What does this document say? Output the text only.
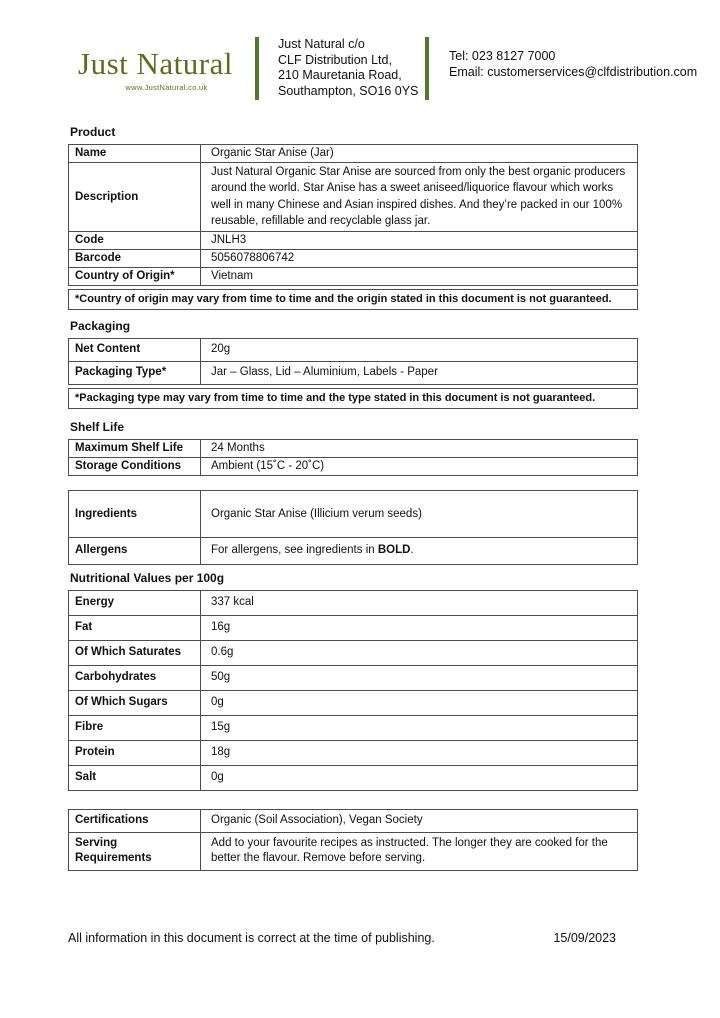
Just Natural
www.JustNatural.co.uk
Just Natural c/o
CLF Distribution Ltd,
210 Mauretania Road,
Southampton, SO16 0YS
Tel: 023 8127 7000
Email: customerservices@clfdistribution.com
Product
Name	Organic Star Anise (Jar)
Description	Just Natural Organic Star Anise are sourced from only the best organic producers around the world. Star Anise has a sweet aniseed/liquorice flavour which works well in many Chinese and Asian inspired dishes. And they’re packed in our 100% reusable, refillable and recyclable glass jar.
Code	JNLH3
Barcode	5056078806742
Country of Origin*	Vietnam
*Country of origin may vary from time to time and the origin stated in this document is not guaranteed.
Packaging
Net Content	20g
Packaging Type*	Jar – Glass, Lid – Aluminium, Labels - Paper
*Packaging type may vary from time to time and the type stated in this document is not guaranteed.
Shelf Life
Maximum Shelf Life	24 Months
Storage Conditions	Ambient (15˚C - 20˚C)
Ingredients	Organic Star Anise (Illicium verum seeds)
Allergens	For allergens, see ingredients in BOLD.
Nutritional Values per 100g
Energy	337 kcal
Fat	16g
Of Which Saturates	0.6g
Carbohydrates	50g
Of Which Sugars	0g
Fibre	15g
Protein	18g
Salt	0g
Certifications	Organic (Soil Association), Vegan Society
Serving Requirements	Add to your favourite recipes as instructed. The longer they are cooked for the better the flavour. Remove before serving.
All information in this document is correct at the time of publishing.	15/09/2023
